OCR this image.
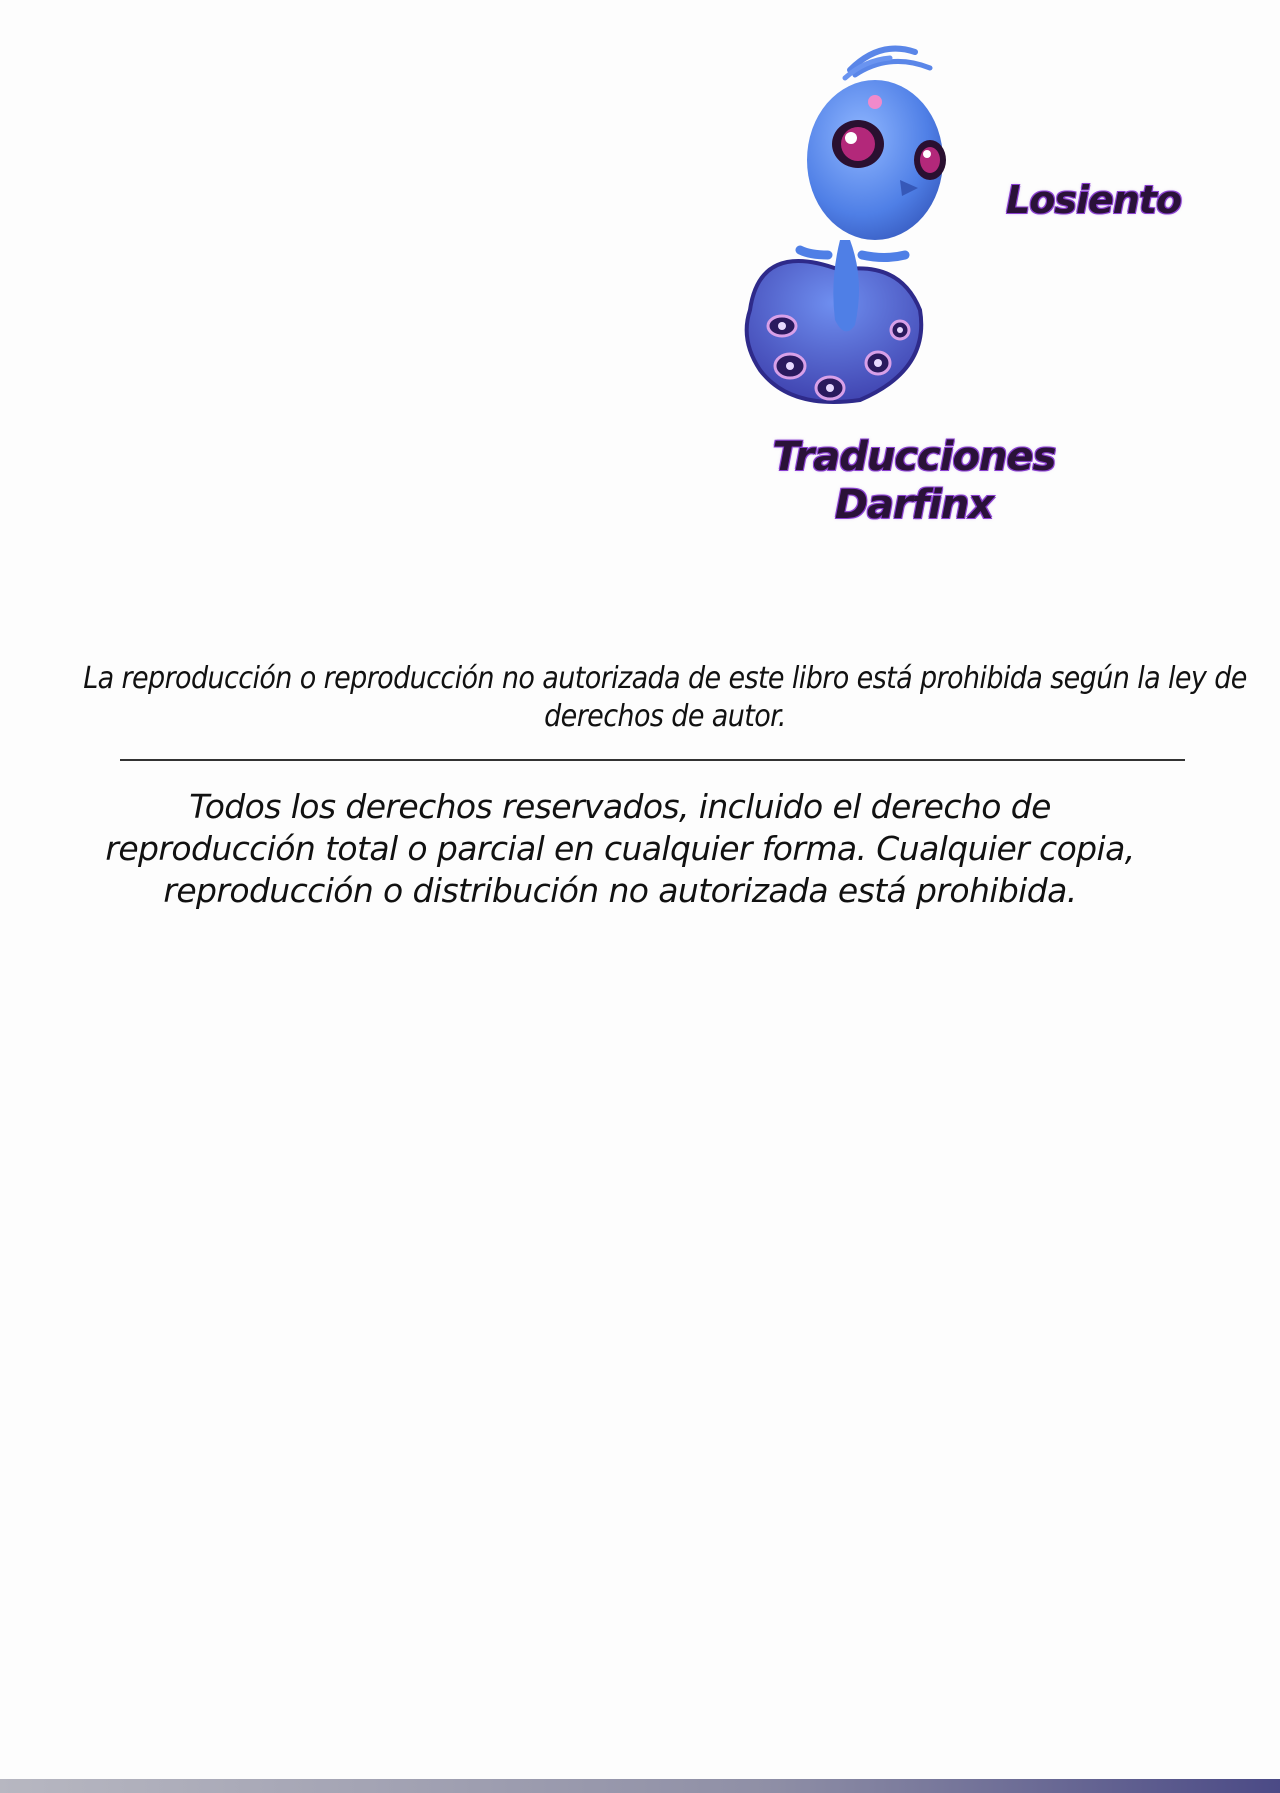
Losiento
Traducciones
Darfinx
La reproducción o reproducción no autorizada de este libro está prohibida según la ley de derechos de autor.
Todos los derechos reservados, incluido el derecho de reproducción total o parcial en cualquier forma. Cualquier copia, reproducción o distribución no autorizada está prohibida.
